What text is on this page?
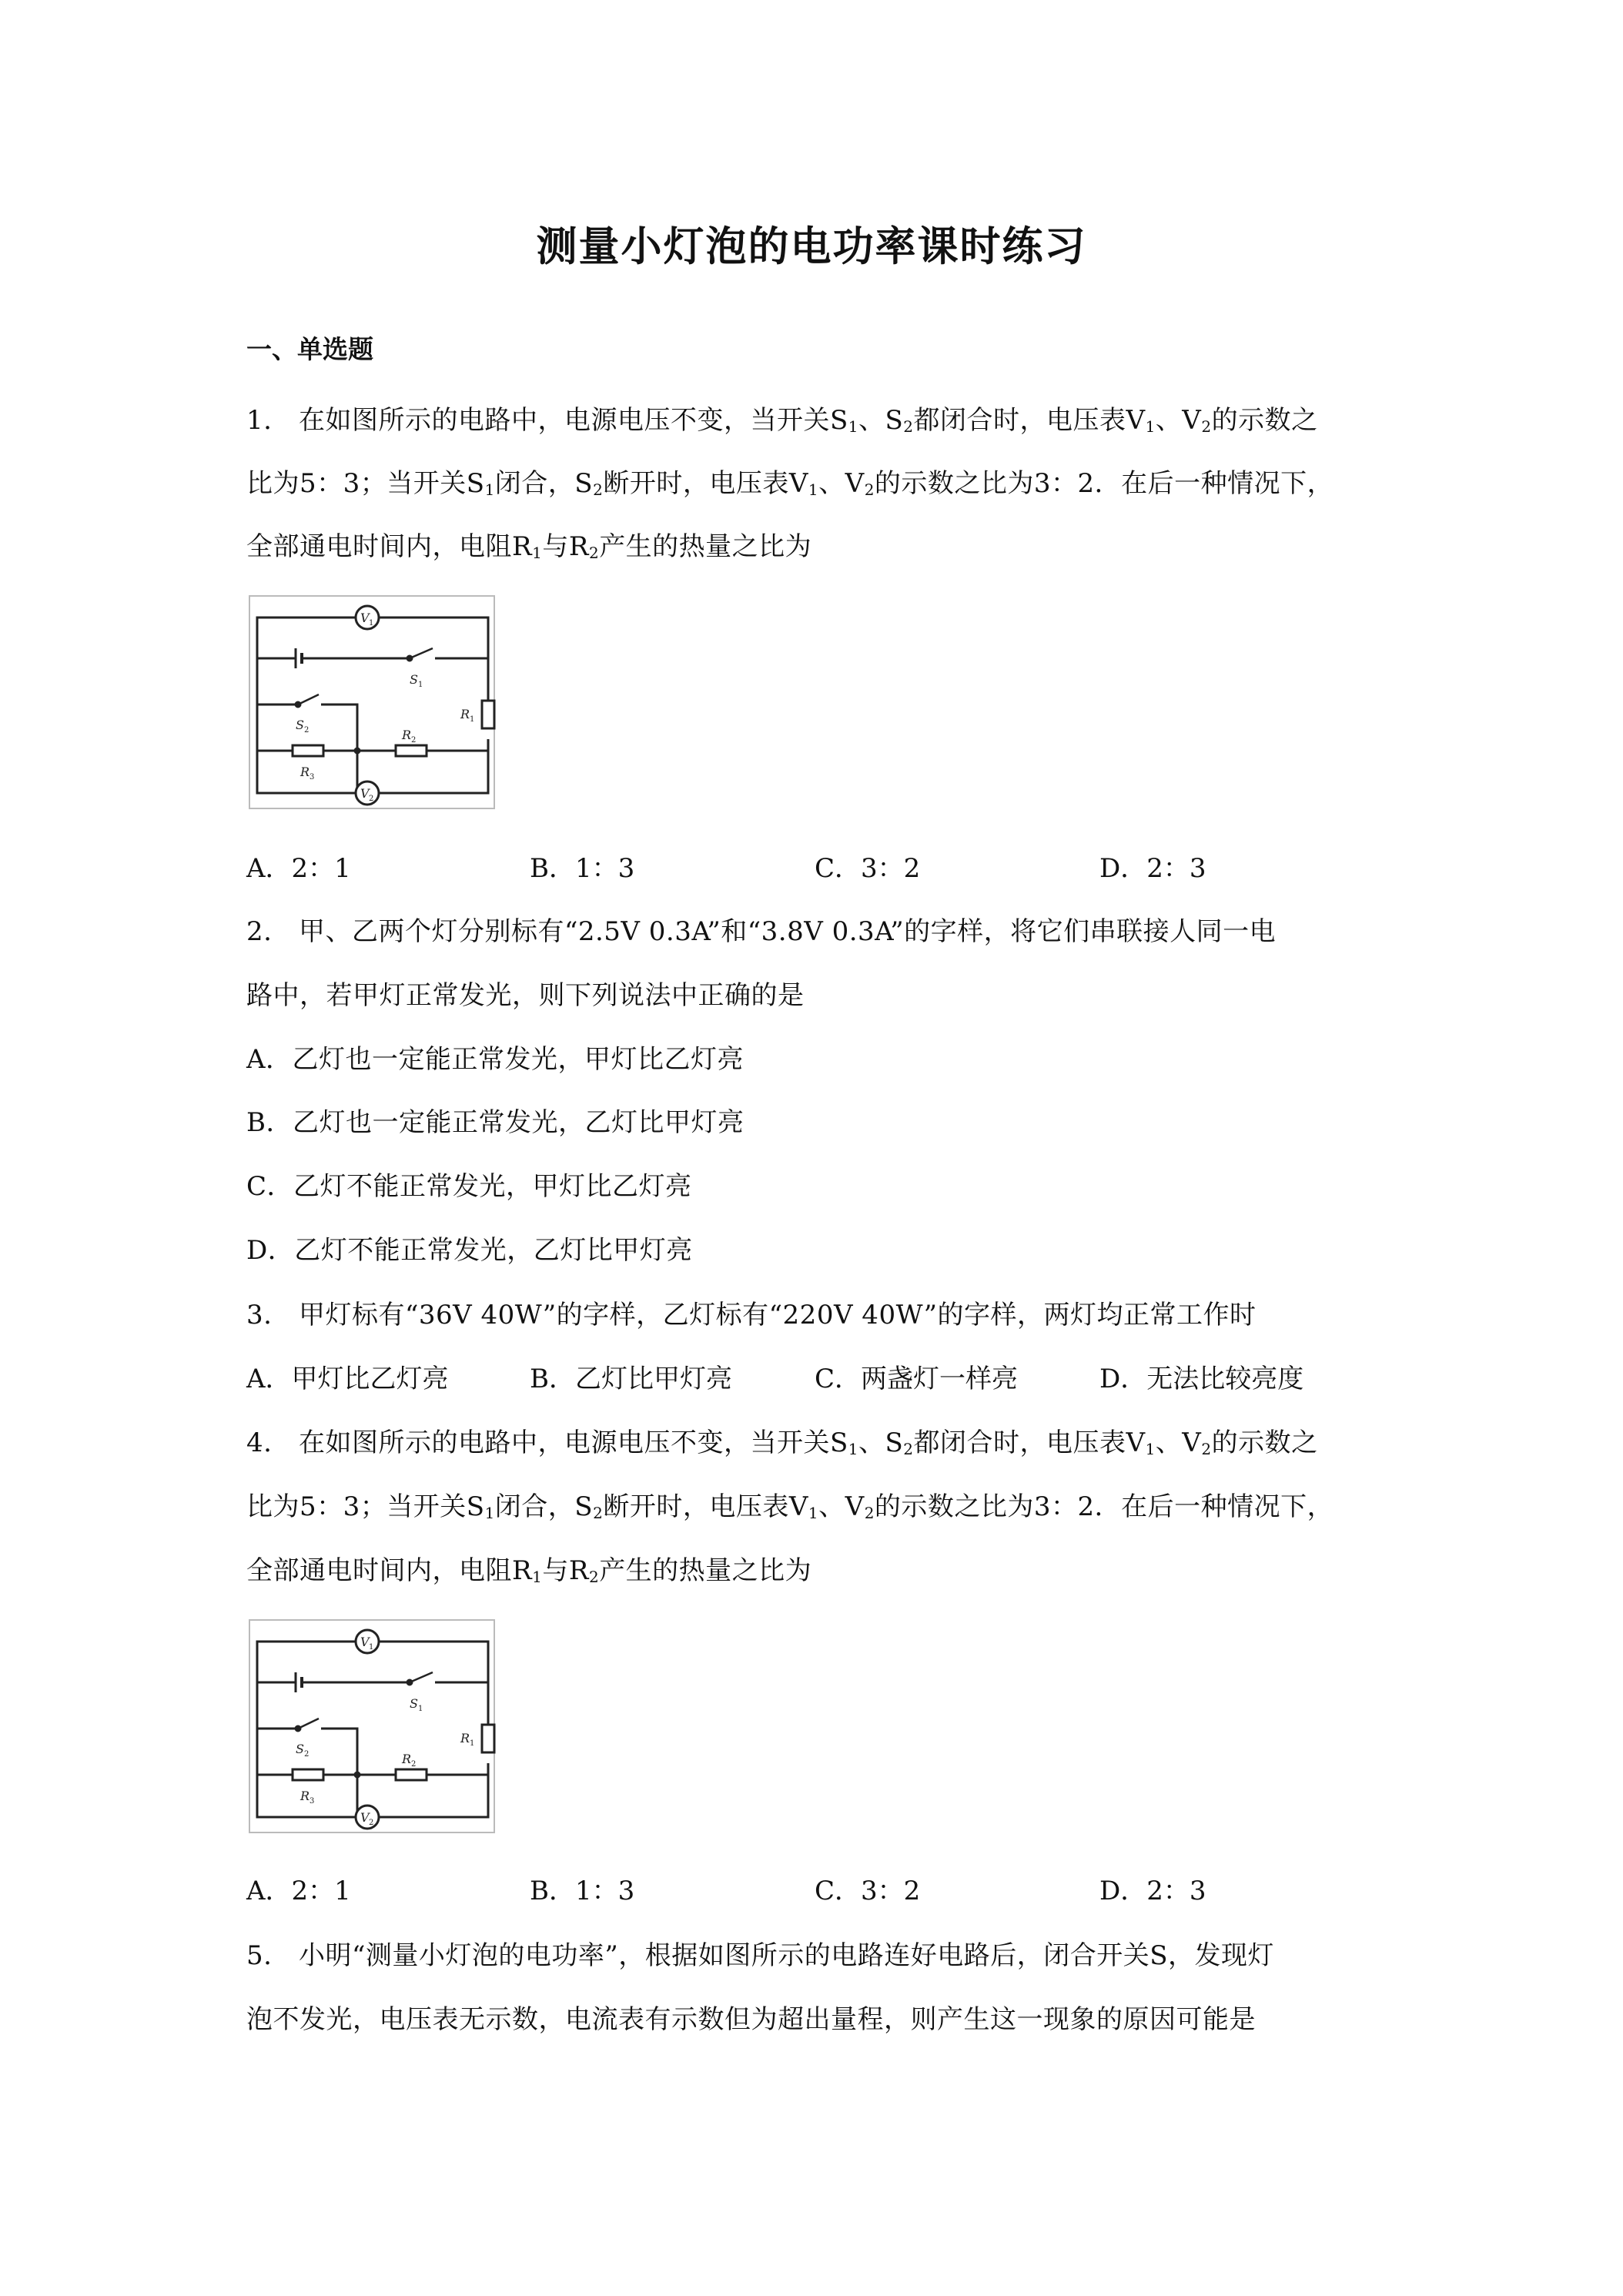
测量小灯泡的电功率课时练习
一、单选题
1.　在如图所示的电路中，电源电压不变，当开关$S_1$、$S_2$都闭合时，电压表$V_1$、$V_2$的示数之
比为5：3；当开关$S_1$闭合，$S_2$断开时，电压表$V_1$、$V_2$的示数之比为3：2．在后一种情况下，
全部通电时间内，电阻$R_1$与$R_2$产生的热量之比为
V 1
S 1
R 1
S 2
R 3
R 2
V 2
A．2：1	B．1：3	C．3：2	D．2：3
2.　甲、乙两个灯分别标有“2.5V 0.3A”和“3.8V 0.3A”的字样，将它们串联接人同一电
路中，若甲灯正常发光，则下列说法中正确的是
A．乙灯也一定能正常发光，甲灯比乙灯亮
B．乙灯也一定能正常发光，乙灯比甲灯亮
C．乙灯不能正常发光，甲灯比乙灯亮
D．乙灯不能正常发光，乙灯比甲灯亮
3.　甲灯标有“36V 40W”的字样，乙灯标有“220V 40W”的字样，两灯均正常工作时
A．甲灯比乙灯亮	B．乙灯比甲灯亮	C．两盏灯一样亮	D．无法比较亮度
4.　在如图所示的电路中，电源电压不变，当开关$S_1$、$S_2$都闭合时，电压表$V_1$、$V_2$的示数之
比为5：3；当开关$S_1$闭合，$S_2$断开时，电压表$V_1$、$V_2$的示数之比为3：2．在后一种情况下，
全部通电时间内，电阻$R_1$与$R_2$产生的热量之比为
V 1
S 1
R 1
S 2
R 3
R 2
V 2
A．2：1	B．1：3	C．3：2	D．2：3
5.　小明“测量小灯泡的电功率”，根据如图所示的电路连好电路后，闭合开关S，发现灯
泡不发光，电压表无示数，电流表有示数但为超出量程，则产生这一现象的原因可能是
